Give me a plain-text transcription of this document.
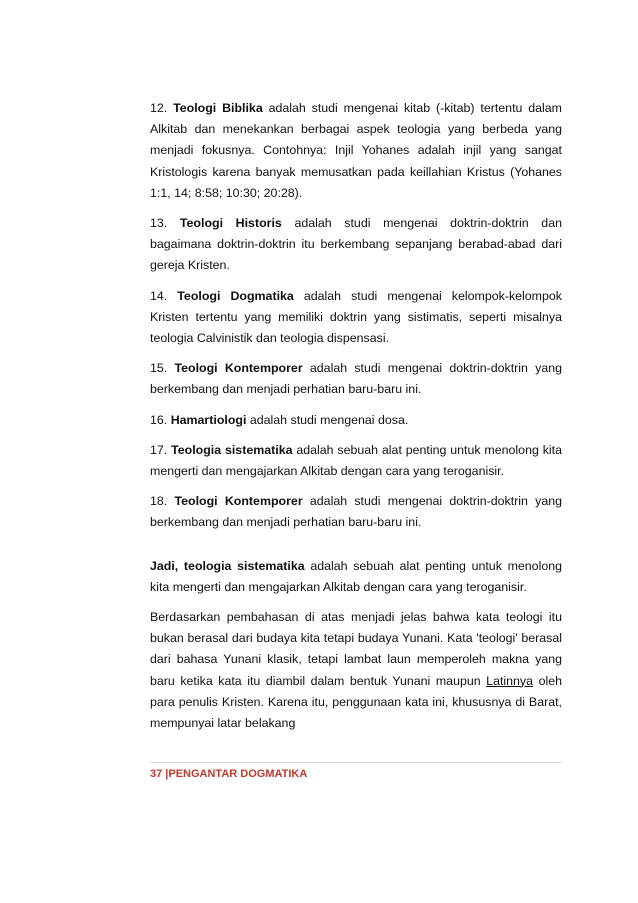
12. Teologi Biblika adalah studi mengenai kitab (-kitab) tertentu dalam Alkitab dan menekankan berbagai aspek teologia yang berbeda yang menjadi fokusnya. Contohnya: Injil Yohanes adalah injil yang sangat Kristologis karena banyak memusatkan pada keillahian Kristus (Yohanes 1:1, 14; 8:58; 10:30; 20:28).

13. Teologi Historis adalah studi mengenai doktrin-doktrin dan bagaimana doktrin-doktrin itu berkembang sepanjang berabad-abad dari gereja Kristen.

14. Teologi Dogmatika adalah studi mengenai kelompok-kelompok Kristen tertentu yang memiliki doktrin yang sistimatis, seperti misalnya teologia Calvinistik dan teologia dispensasi.

15. Teologi Kontemporer adalah studi mengenai doktrin-doktrin yang berkembang dan menjadi perhatian baru-baru ini.

16. Hamartiologi adalah studi mengenai dosa.

17. Teologia sistematika adalah sebuah alat penting untuk menolong kita mengerti dan mengajarkan Alkitab dengan cara yang teroganisir.

18. Teologi Kontemporer adalah studi mengenai doktrin-doktrin yang berkembang dan menjadi perhatian baru-baru ini.

Jadi, teologia sistematika adalah sebuah alat penting untuk menolong kita mengerti dan mengajarkan Alkitab dengan cara yang teroganisir.

Berdasarkan pembahasan di atas menjadi jelas bahwa kata teologi itu bukan berasal dari budaya kita tetapi budaya Yunani. Kata 'teologi' berasal dari bahasa Yunani klasik, tetapi lambat laun memperoleh makna yang baru ketika kata itu diambil dalam bentuk Yunani maupun Latinnya oleh para penulis Kristen. Karena itu, penggunaan kata ini, khususnya di Barat, mempunyai latar belakang

37 |PENGANTAR DOGMATIKA
